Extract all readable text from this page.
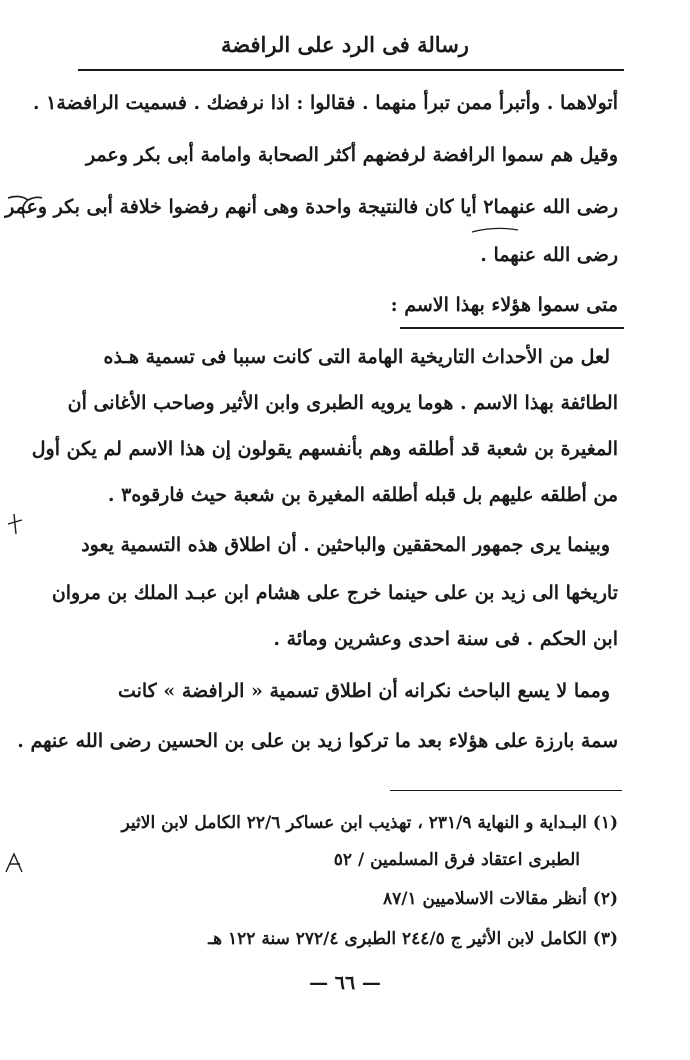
رسالة فى الرد على الرافضة
أتولاهما . وأتبرأ ممن تبرأ منهما . فقالوا : اذا نرفضك . فسميت الرافضة١ .
وقيل هم سموا الرافضة لرفضهم أكثر الصحابة وامامة أبى بكر وعمر
رضى الله عنهما٢ أيا كان فالنتيجة واحدة وهى أنهم رفضوا خلافة أبى بكر وعمر
رضى الله عنهما .
متى سموا هؤلاء بهذا الاسم :
لعل من الأحداث التاريخية الهامة التى كانت سببا فى تسمية هـذه
الطائفة بهذا الاسم . هوما يرويه الطبرى وابن الأثير وصاحب الأغانى أن
المغيرة بن شعبة قد أطلقه وهم بأنفسهم يقولون إن هذا الاسم لم يكن أول
من أطلقه عليهم بل قبله أطلقه المغيرة بن شعبة حيث فارقوه٣ .
وبينما يرى جمهور المحققين والباحثين . أن اطلاق هذه التسمية يعود
تاريخها الى زيد بن على حينما خرج على هشام ابن عبـد الملك بن مروان
ابن الحكم . فى سنة احدى وعشرين ومائة .
ومما لا يسع الباحث نكرانه أن اطلاق تسمية « الرافضة » كانت
سمة بارزة على هؤلاء بعد ما تركوا زيد بن على بن الحسين رضى الله عنهم .
(١) البـداية و النهاية ٢٣١/٩ ، تهذيب ابن عساكر ٢٢/٦ الكامل لابن الاثير
الطبرى اعتقاد فرق المسلمين / ٥٢
(٢) أنظر مقالات الاسلاميين ٨٧/١
(٣) الكامل لابن الأثير ج ٢٤٤/٥ الطبرى ٢٧٢/٤ سنة ١٢٢ هـ
— ٦٦ —
